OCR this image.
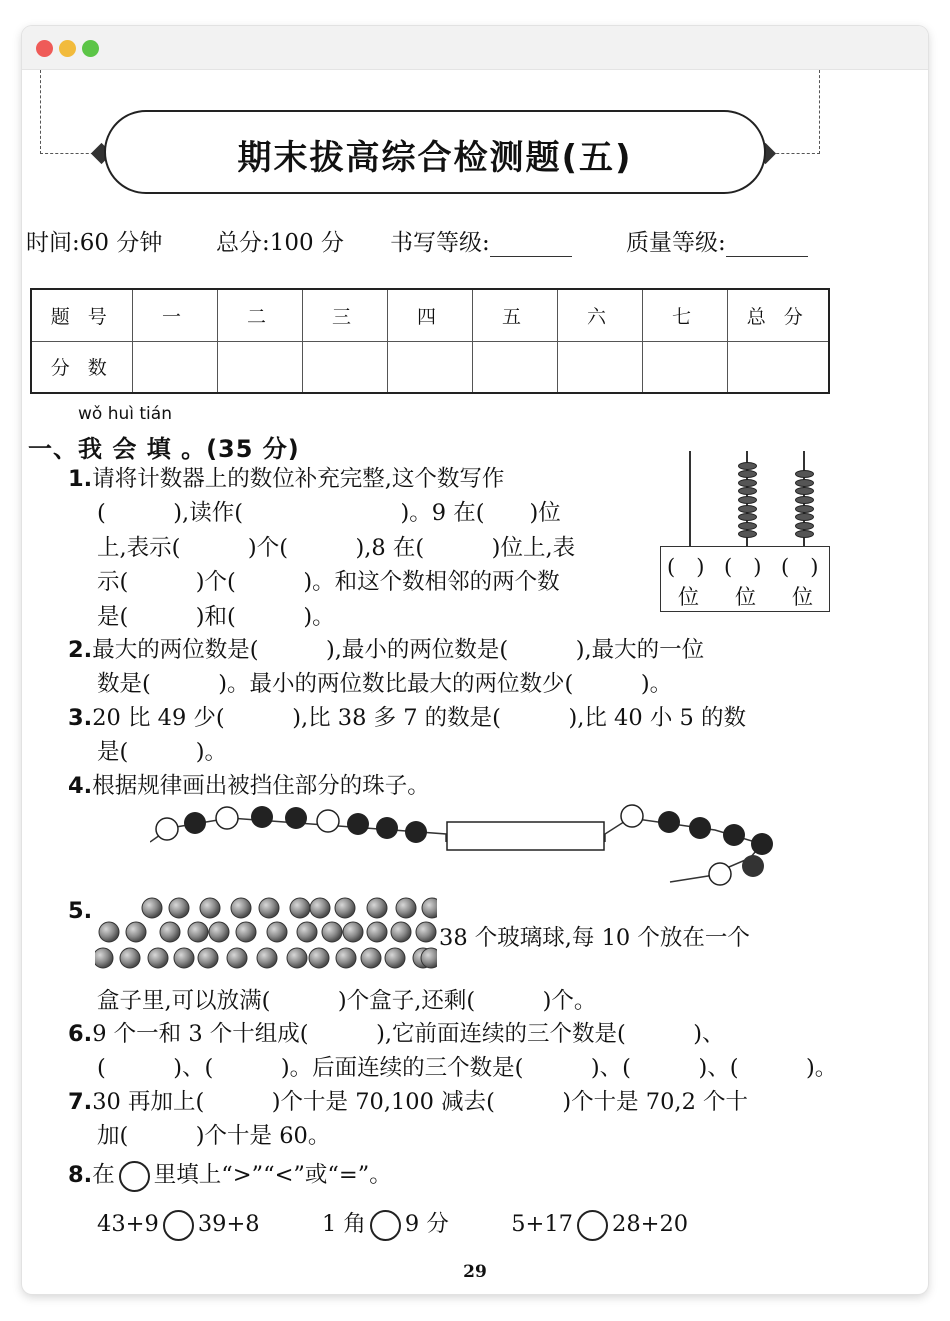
期末拔高综合检测题(五)
时间:60 分钟 总分:100 分 书写等级:	质量等级:
题 号	一	二	三	四	五	六	七	总 分
分 数								
wǒ huì tián
一、我 会 填 。(35 分)
1.请将计数器上的数位补充完整,这个数写作
(　　　),读作(　　　　　　　)。9 在(　　)位
上,表示(　　　)个(　　　),8 在(　　　)位上,表
示(　　　)个(　　　)。和这个数相邻的两个数
是(　　　)和(　　　)。
(　) (　) (　)
位 位 位
2.最大的两位数是(　　　),最小的两位数是(　　　),最大的一位
数是(　　　)。最小的两位数比最大的两位数少(　　　)。
3.20 比 49 少(　　　),比 38 多 7 的数是(　　　),比 40 小 5 的数
是(　　　)。
4.根据规律画出被挡住部分的珠子。
5.
38 个玻璃球,每 10 个放在一个
盒子里,可以放满(　　　)个盒子,还剩(　　　)个。
6.9 个一和 3 个十组成(　　　),它前面连续的三个数是(　　　)、
(　　　)、(　　　)。后面连续的三个数是(　　　)、(　　　)、(　　　)。
7.30 再加上(　　　)个十是 70,100 减去(　　　)个十是 70,2 个十
加(　　　)个十是 60。
8.在 里填上“>”“<”或“=”。
43+9 39+8	1 角 9 分	5+17 28+20
29
